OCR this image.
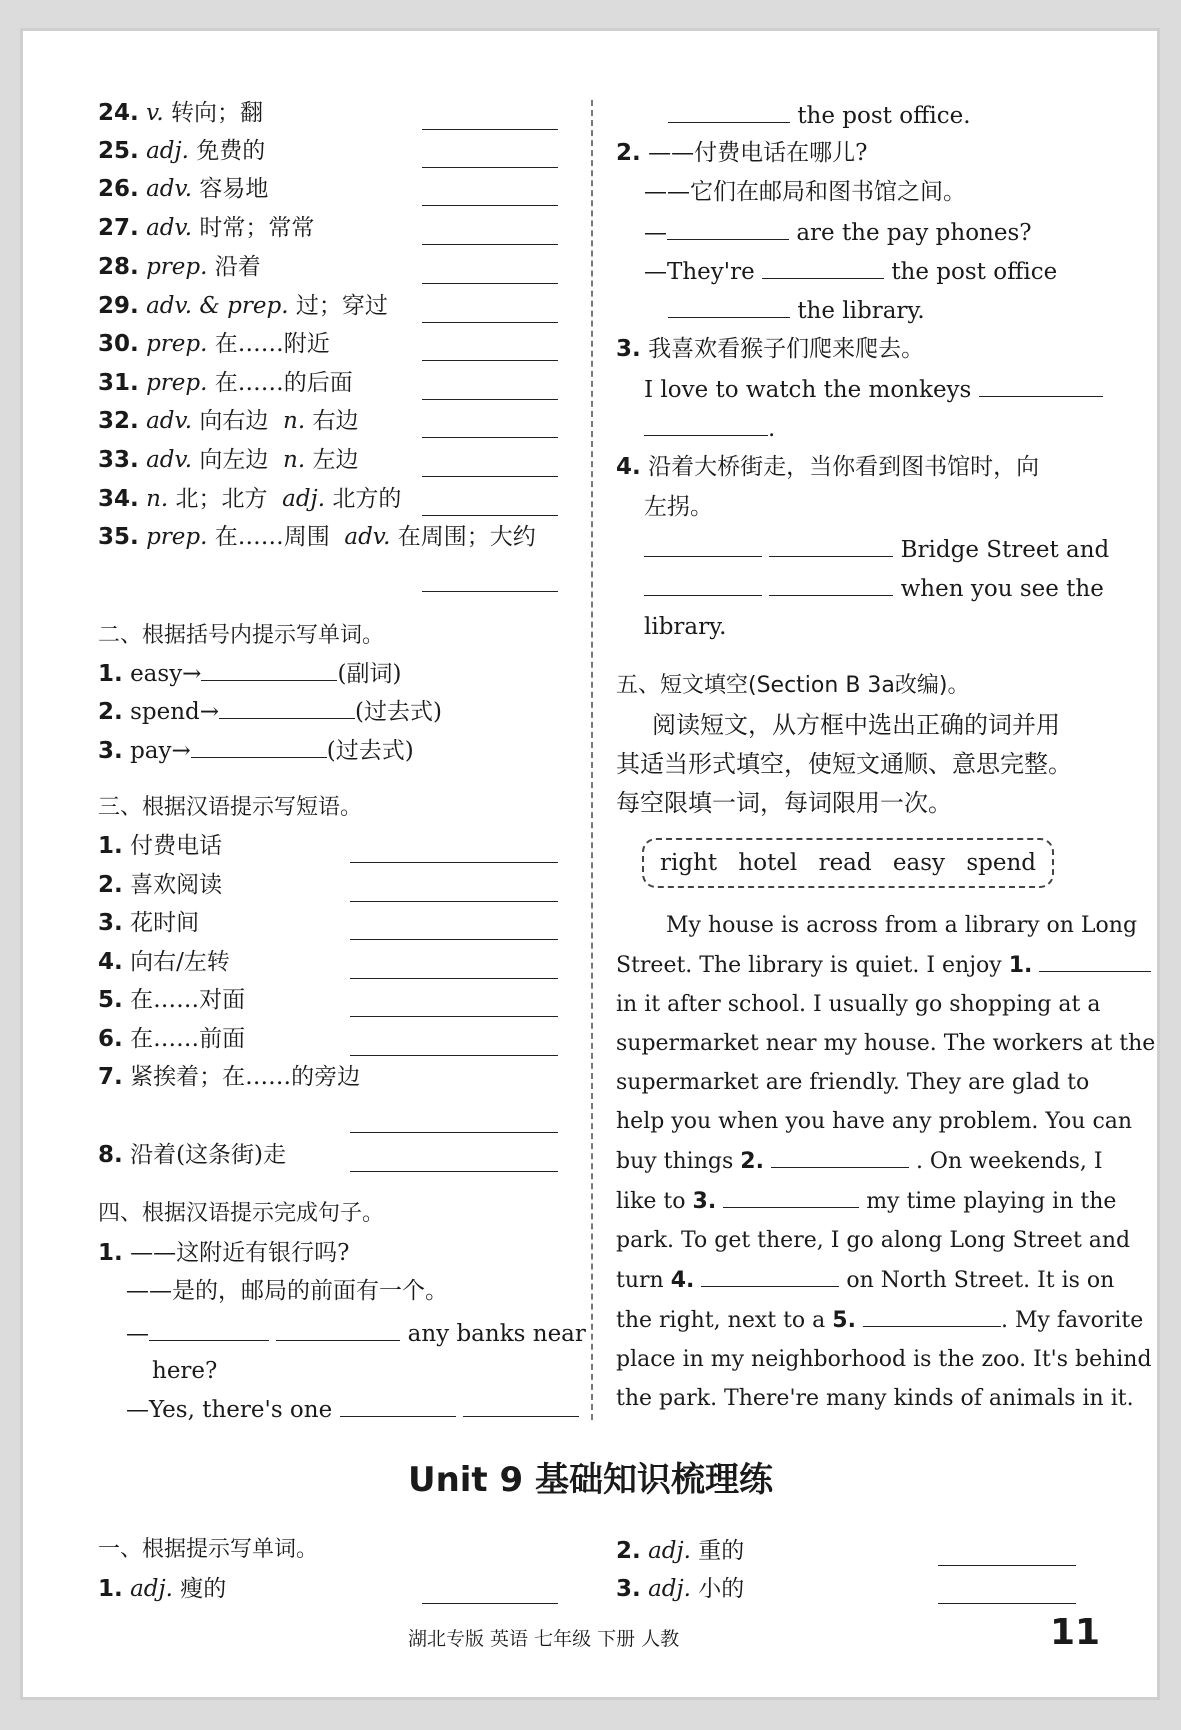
24. v. 转向；翻
25. adj. 免费的
26. adv. 容易地
27. adv. 时常；常常
28. prep. 沿着
29. adv. & prep. 过；穿过
30. prep. 在……附近
31. prep. 在……的后面
32. adv. 向右边 n. 右边
33. adv. 向左边 n. 左边
34. n. 北；北方 adj. 北方的
35. prep. 在……周围 adv. 在周围；大约
二、根据括号内提示写单词。
1. easy→	(副词)
2. spend→	(过去式)
3. pay→	(过去式)
三、根据汉语提示写短语。
1. 付费电话
2. 喜欢阅读
3. 花时间
4. 向右/左转
5. 在……对面
6. 在……前面
7. 紧挨着；在……的旁边
8. 沿着(这条街)走
四、根据汉语提示完成句子。
1. ——这附近有银行吗?
——是的，邮局的前面有一个。
—	any banks near
here?
—Yes, there's one
the post office.
2. ——付费电话在哪儿?
——它们在邮局和图书馆之间。
—	are the pay phones?
—They're	the post office
the library.
3. 我喜欢看猴子们爬来爬去。
I love to watch the monkeys
.
4. 沿着大桥街走，当你看到图书馆时，向
左拐。
Bridge Street and
when you see the
library.
五、短文填空(Section B 3a改编)。
阅读短文，从方框中选出正确的词并用
其适当形式填空，使短文通顺、意思完整。
每空限填一词，每词限用一次。
right hotel read easy spend
My house is across from a library on Long
Street. The library is quiet. I enjoy 1.
in it after school. I usually go shopping at a
supermarket near my house. The workers at the
supermarket are friendly. They are glad to
help you when you have any problem. You can
buy things 2.	. On weekends, I
like to 3.	my time playing in the
park. To get there, I go along Long Street and
turn 4.	on North Street. It is on
the right, next to a 5.	. My favorite
place in my neighborhood is the zoo. It's behind
the park. There're many kinds of animals in it.
Unit 9 基础知识梳理练
一、根据提示写单词。
1. adj. 瘦的
2. adj. 重的
3. adj. 小的
湖北专版 英语 七年级 下册 人教	11
